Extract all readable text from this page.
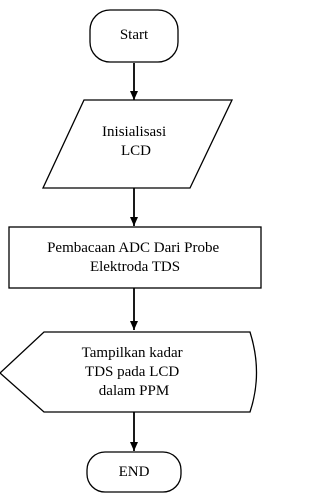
Start
Inisialisasi LCD
Pembacaan ADC Dari Probe Elektroda TDS
Tampilkan kadar TDS pada LCD dalam PPM
END
